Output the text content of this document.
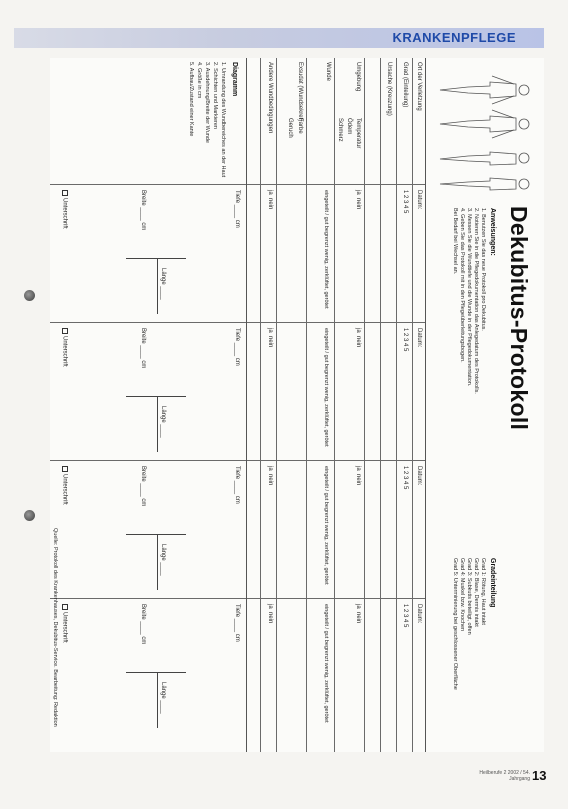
KRANKENPFLEGE
Dekubitus-Protokoll
Anweisungen:
1. Benutzen Sie das neue Protokoll pro Dekubitus.
2. Notieren Sie in die Pflegedokumentation das Anlegedatum des Protokolls.
3. Messen Sie die Wundtiefe und die Wunde in der Pflegedokumentation.
4. Geben Sie das Protokoll mit in den Pflegeüberleitungsbogen.
Bei Bedarf bei Wechsel an.
Gradeinteilung
Grad 1: Rötung, Haut intakt
Grad 2: Blase, Dermis intakt
Grad 3: Subkutis beteiligt, offen
Grad 4: Muskel bzw. Knochen
Grad 5: Unterminierung bei geschlossener Oberfläche
Ort der Verletzung
Grad (Einteilung)
Ursache (Kreuzung)
Umgebung
Temperatur
Ödem
Schmerz
Wunde
Exsudat (Wundsekret)
Farbe
Geruch
Andere Wundbedingungen
Datum:
1 2 3 4 5
Datum:
1 2 3 4 5
Datum:
1 2 3 4 5
Datum:
1 2 3 4 5
ja  nein
ja  nein
ja  nein
ja  nein
eingeteilt / gut begrenzt wenig, zerklüftet, gerötet
eingeteilt / gut begrenzt wenig, zerklüftet, gerötet
eingeteilt / gut begrenzt wenig, zerklüftet, gerötet
eingeteilt / gut begrenzt wenig, zerklüftet, gerötet
ja  nein
ja  nein
ja  nein
ja  nein
Diagramm
1. Umrandung des Wundbereiches an der Haut
2. Schichten und Markieren
3. Ausdehnung/Breite der Wunde
4. Größe in cm
5. Aufbau/Zustand einer Kante
Tiefe ____ cm
Breite ____ cm
Länge ____
Unterschrift
Tiefe ____ cm
Breite ____ cm
Länge ____
Unterschrift
Tiefe ____ cm
Breite ____ cm
Länge ____
Unterschrift
Tiefe ____ cm
Breite ____ cm
Länge ____
Unterschrift
Quelle: Protokoll des Krankenhauses, Dekubitus-Service. Bearbeitung: Redaktion
Heilberufe 2 2002 / 54. Jahrgang 13
